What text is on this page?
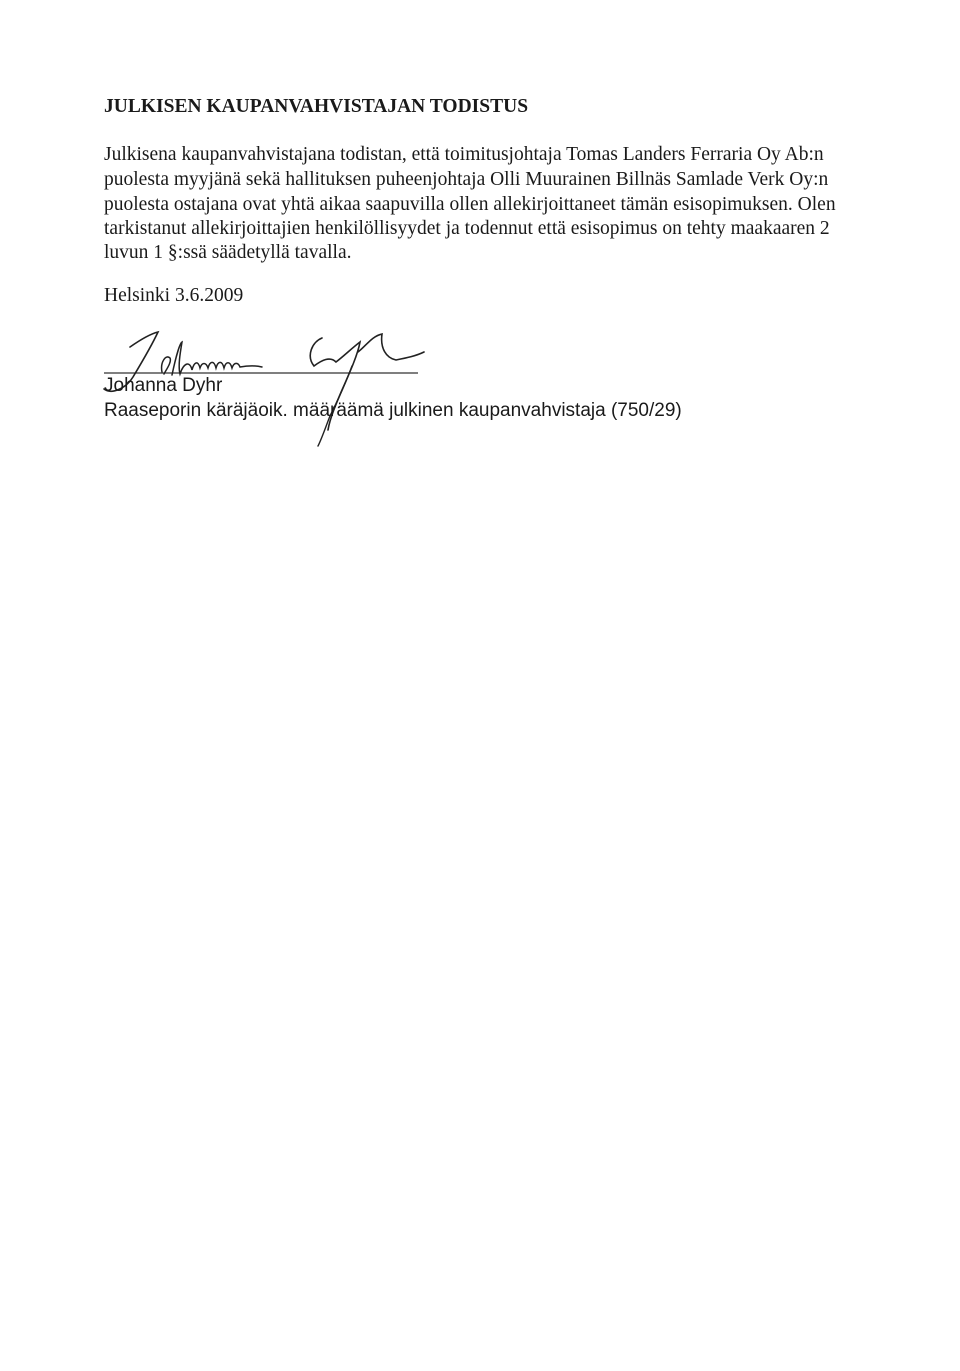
JULKISEN KAUPANVAHVISTAJAN TODISTUS
Julkisena kaupanvahvistajana todistan, että toimitusjohtaja Tomas Landers Ferraria Oy Ab:n
puolesta myyjänä sekä hallituksen puheenjohtaja Olli Muurainen Billnäs Samlade Verk Oy:n
puolesta ostajana ovat yhtä aikaa saapuvilla ollen allekirjoittaneet tämän esisopimuksen. Olen
tarkistanut allekirjoittajien henkilöllisyydet ja todennut että esisopimus on tehty maakaaren 2
luvun 1 §:ssä säädetyllä tavalla.
Helsinki 3.6.2009
Johanna Dyhr
Raaseporin käräjäoik. määräämä julkinen kaupanvahvistaja (750/29)
